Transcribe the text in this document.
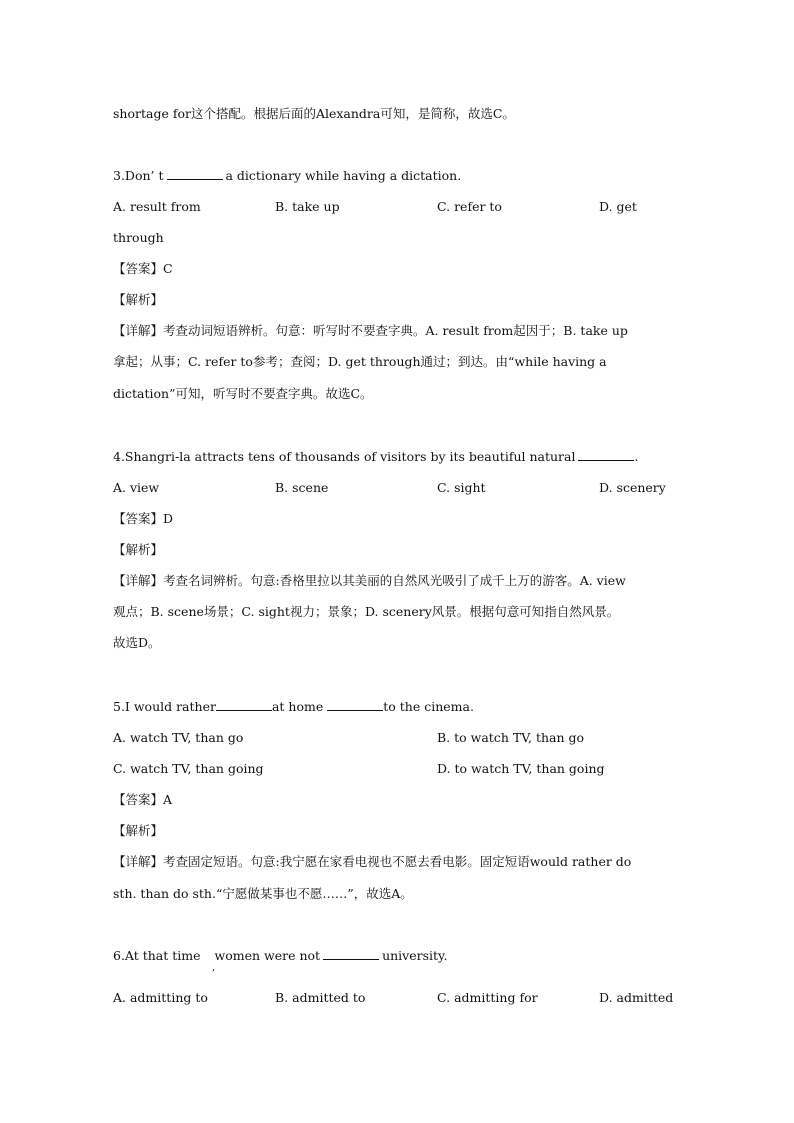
shortage for这个搭配。根据后面的Alexandra可知，是简称，故选C。
3.Don’ t	a dictionary while having a dictation.
A. result from	B. take up	C. refer to	D. get
through
【答案】C
【解析】
【详解】考查动词短语辨析。句意：听写时不要查字典。A. result from起因于；B. take up
拿起；从事；C. refer to参考；查阅；D. get through通过；到达。由“while having a
dictation”可知，听写时不要查字典。故选C。
4.Shangri-la attracts tens of thousands of visitors by its beautiful natural	.
A. view	B. scene	C. sight	D. scenery
【答案】D
【解析】
【详解】考查名词辨析。句意:香格里拉以其美丽的自然风光吸引了成千上万的游客。A. view
观点；B. scene场景；C. sight视力；景象；D. scenery风景。根据句意可知指自然风景。
故选D。
5.I would rather	at home	to the cinema.
A. watch TV, than go	B. to watch TV, than go
C. watch TV, than going	D. to watch TV, than going
【答案】A
【解析】
【详解】考查固定短语。句意:我宁愿在家看电视也不愿去看电影。固定短语would rather do
sth. than do sth.“宁愿做某事也不愿……”，故选A。
6.At that time women were not	university.
,
A. admitting to	B. admitted to	C. admitting for	D. admitted
